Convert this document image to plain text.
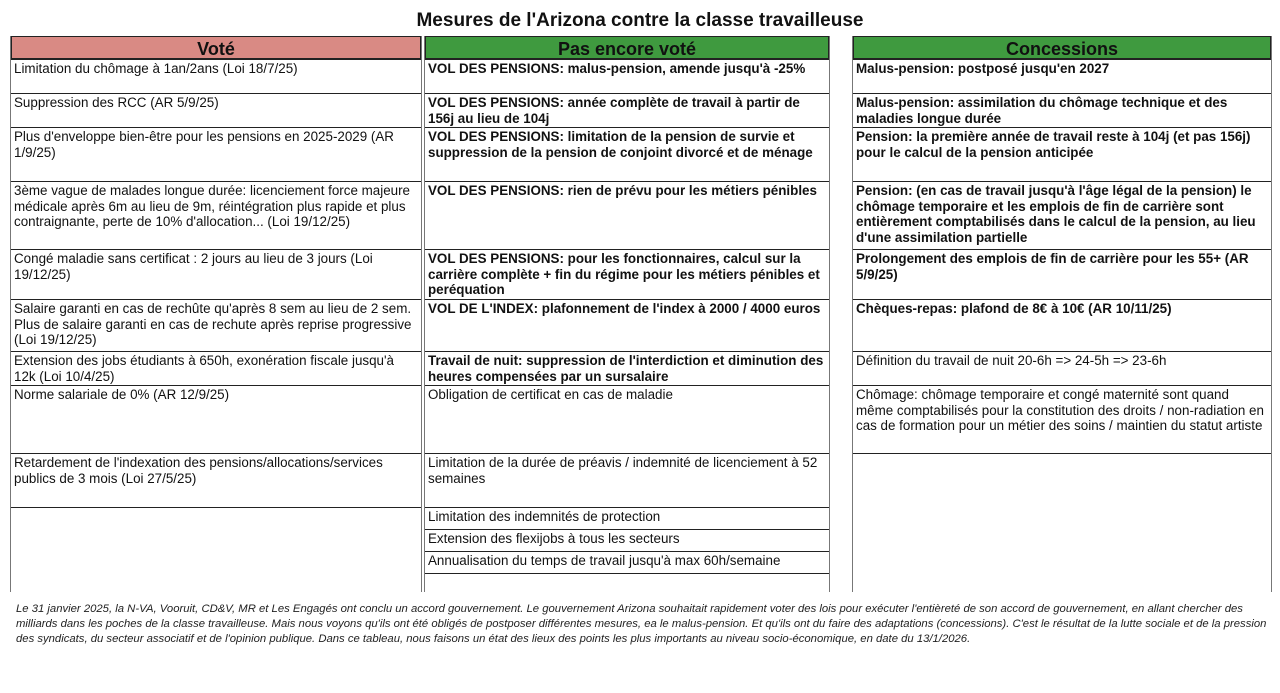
Mesures de l'Arizona contre la classe travailleuse
Voté
Limitation du chômage à 1an/2ans (Loi 18/7/25)
Suppression des RCC (AR 5/9/25)
Plus d'enveloppe bien-être pour les pensions en 2025-2029 (AR 1/9/25)
3ème vague de malades longue durée: licenciement force majeure médicale après 6m au lieu de 9m, réintégration plus rapide et plus contraignante, perte de 10% d'allocation... (Loi 19/12/25)
Congé maladie sans certificat : 2 jours au lieu de 3 jours (Loi 19/12/25)
Salaire garanti en cas de rechûte qu'après 8 sem au lieu de 2 sem. Plus de salaire garanti en cas de rechute après reprise progressive (Loi 19/12/25)
Extension des jobs étudiants à 650h, exonération fiscale jusqu'à 12k (Loi 10/4/25)
Norme salariale de 0% (AR 12/9/25)
Retardement de l'indexation des pensions/allocations/services publics de 3 mois (Loi 27/5/25)
Pas encore voté
VOL DES PENSIONS: malus-pension, amende jusqu'à -25%
VOL DES PENSIONS: année complète de travail à partir de 156j au lieu de 104j
VOL DES PENSIONS: limitation de la pension de survie et suppression de la pension de conjoint divorcé et de ménage
VOL DES PENSIONS: rien de prévu pour les métiers pénibles
VOL DES PENSIONS: pour les fonctionnaires, calcul sur la carrière complète + fin du régime pour les métiers pénibles et peréquation
VOL DE L'INDEX: plafonnement de l'index à 2000 / 4000 euros
Travail de nuit: suppression de l'interdiction et diminution des heures compensées par un sursalaire
Obligation de certificat en cas de maladie
Limitation de la durée de préavis / indemnité de licenciement à 52 semaines
Limitation des indemnités de protection
Extension des flexijobs à tous les secteurs
Annualisation du temps de travail jusqu'à max 60h/semaine
Concessions
Malus-pension: postposé jusqu'en 2027
Malus-pension: assimilation du chômage technique et des maladies longue durée
Pension: la première année de travail reste à 104j (et pas 156j) pour le calcul de la pension anticipée
Pension: (en cas de travail jusqu'à l'âge légal de la pension) le chômage temporaire et les emplois de fin de carrière sont entièrement comptabilisés dans le calcul de la pension, au lieu d'une assimilation partielle
Prolongement des emplois de fin de carrière pour les 55+ (AR 5/9/25)
Chèques-repas: plafond de 8€ à 10€ (AR 10/11/25)
Définition du travail de nuit 20-6h => 24-5h => 23-6h
Chômage: chômage temporaire et congé maternité sont quand même comptabilisés pour la constitution des droits / non-radiation en cas de formation pour un métier des soins / maintien du statut artiste
Le 31 janvier 2025, la N-VA, Vooruit, CD&V, MR et Les Engagés ont conclu un accord gouvernement. Le gouvernement Arizona souhaitait rapidement voter des lois pour exécuter l'entièreté de son accord de gouvernement, en allant chercher des milliards dans les poches de la classe travailleuse. Mais nous voyons qu'ils ont été obligés de postposer différentes mesures, ea le malus-pension. Et qu'ils ont du faire des adaptations (concessions). C'est le résultat de la lutte sociale et de la pression des syndicats, du secteur associatif et de l'opinion publique. Dans ce tableau, nous faisons un état des lieux des points les plus importants au niveau socio-économique, en date du 13/1/2026.
